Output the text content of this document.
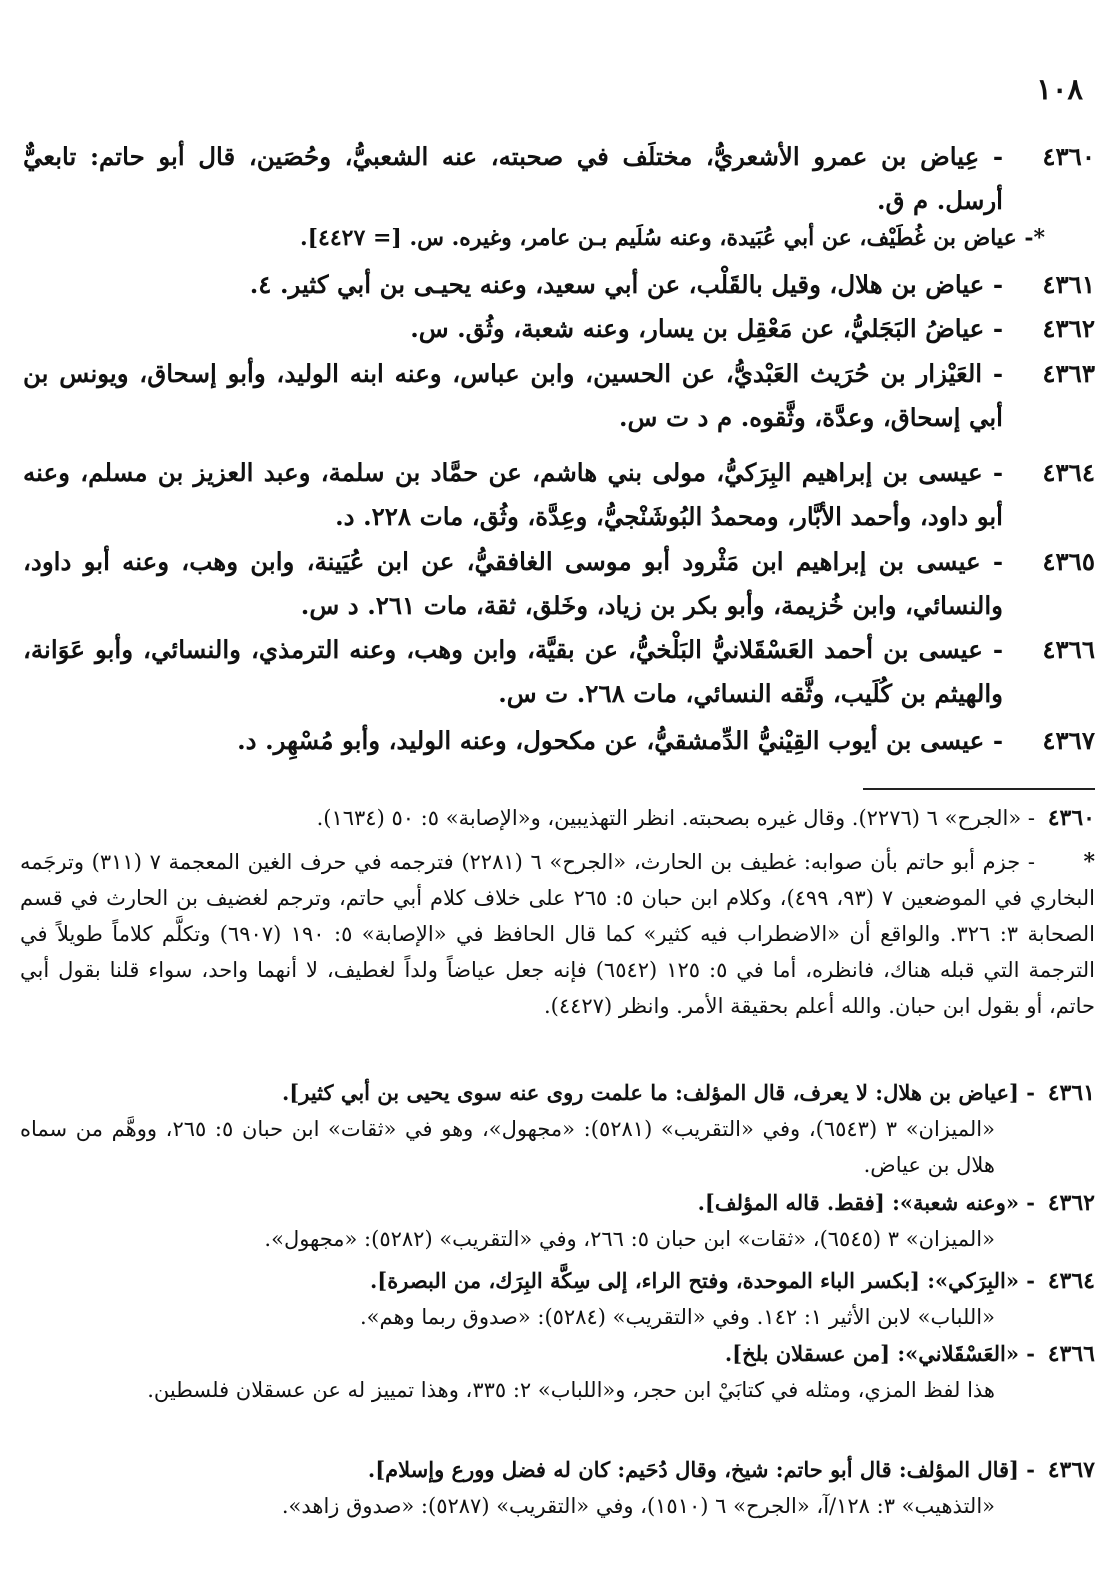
١٠٨
٤٣٦٠
- عِياض بن عمرو الأشعريُّ، مختلَف في صحبته، عنه الشعبيُّ، وحُصَين، قال أبو حاتم: تابعيٌّ أرسل. م ق.
*- عياض بن غُطَيْف، عن أبي عُبَيدة، وعنه سُلَيم بـن عامر، وغيره. س. [= ٤٤٢٧].
٤٣٦١
- عياض بن هلال، وقيل بالقَلْب، عن أبي سعيد، وعنه يحيـى بن أبي كثير. ٤.
٤٣٦٢
- عياضُ البَجَليُّ، عن مَعْقِل بن يسار، وعنه شعبة، وثُق. س.
٤٣٦٣
- العَيْزار بن حُرَيث العَبْديُّ، عن الحسين، وابن عباس، وعنه ابنه الوليد، وأبو إسحاق، ويونس بن أبي إسحاق، وعدَّة، وثَّقوه. م د ت س.
٤٣٦٤
- عيسى بن إبراهيم البِرَكيُّ، مولى بني هاشم، عن حمَّاد بن سلمة، وعبد العزيز بن مسلم، وعنه أبو داود، وأحمد الأبَّار، ومحمدُ البُوشَنْجيُّ، وعِدَّة، وثُق، مات ٢٢٨. د.
٤٣٦٥
- عيسى بن إبراهيم ابن مَثْرود أبو موسى الغافقيُّ، عن ابن عُيَينة، وابن وهب، وعنه أبو داود، والنسائي، وابن خُزيمة، وأبو بكر بن زياد، وخَلق، ثقة، مات ٢٦١. د س.
٤٣٦٦
- عيسى بن أحمد العَسْقَلانيُّ البَلْخيُّ، عن بقيَّة، وابن وهب، وعنه الترمذي، والنسائي، وأبو عَوَانة، والهيثم بن كُلَيب، وثَّقه النسائي، مات ٢٦٨. ت س.
٤٣٦٧
- عيسى بن أيوب القِيْنيُّ الدِّمشقيُّ، عن مكحول، وعنه الوليد، وأبو مُسْهِر. د.
٤٣٦٠
- «الجرح» ٦ (٢٢٧٦). وقال غيره بصحبته. انظر التهذيبين، و«الإصابة» ٥: ٥٠ (١٦٣٤).
*
- جزم أبو حاتم بأن صوابه: غطيف بن الحارث، «الجرح» ٦ (٢٢٨١) فترجمه في حرف الغين المعجمة ٧ (٣١١) وترجَمه البخاري في الموضعين ٧ (٩٣، ٤٩٩)، وكلام ابن حبان ٥: ٢٦٥ على خلاف كلام أبي حاتم، وترجم لغضيف بن الحارث في قسم الصحابة ٣: ٣٢٦. والواقع أن «الاضطراب فيه كثير» كما قال الحافظ في «الإصابة» ٥: ١٩٠ (٦٩٠٧) وتكلَّم كلاماً طويلاً في الترجمة التي قبله هناك، فانظره، أما في ٥: ١٢٥ (٦٥٤٢) فإنه جعل عياضاً ولداً لغطيف، لا أنهما واحد، سواء قلنا بقول أبي حاتم، أو بقول ابن حبان. والله أعلم بحقيقة الأمر. وانظر (٤٤٢٧).
٤٣٦١
- [عياض بن هلال: لا يعرف، قال المؤلف: ما علمت روى عنه سوى يحيى بن أبي كثير].
«الميزان» ٣ (٦٥٤٣)، وفي «التقريب» (٥٢٨١): «مجهول»، وهو في «ثقات» ابن حبان ٥: ٢٦٥، ووهَّم من سماه هلال بن عياض.
٤٣٦٢
- «وعنه شعبة»: [فقط. قاله المؤلف].
«الميزان» ٣ (٦٥٤٥)، «ثقات» ابن حبان ٥: ٢٦٦، وفي «التقريب» (٥٢٨٢): «مجهول».
٤٣٦٤
- «البِرَكي»: [بكسر الباء الموحدة، وفتح الراء، إلى سِكَّة البِرَك، من البصرة].
«اللباب» لابن الأثير ١: ١٤٢. وفي «التقريب» (٥٢٨٤): «صدوق ربما وهم».
٤٣٦٦
- «العَسْقَلاني»: [من عسقلان بلخ].
هذا لفظ المزي، ومثله في كتابَيْ ابن حجر، و«اللباب» ٢: ٣٣٥، وهذا تمييز له عن عسقلان فلسطين.
٤٣٦٧
- [قال المؤلف: قال أبو حاتم: شيخ، وقال دُحَيم: كان له فضل وورع وإسلام].
«التذهيب» ٣: ١٢٨/آ، «الجرح» ٦ (١٥١٠)، وفي «التقريب» (٥٢٨٧): «صدوق زاهد».
